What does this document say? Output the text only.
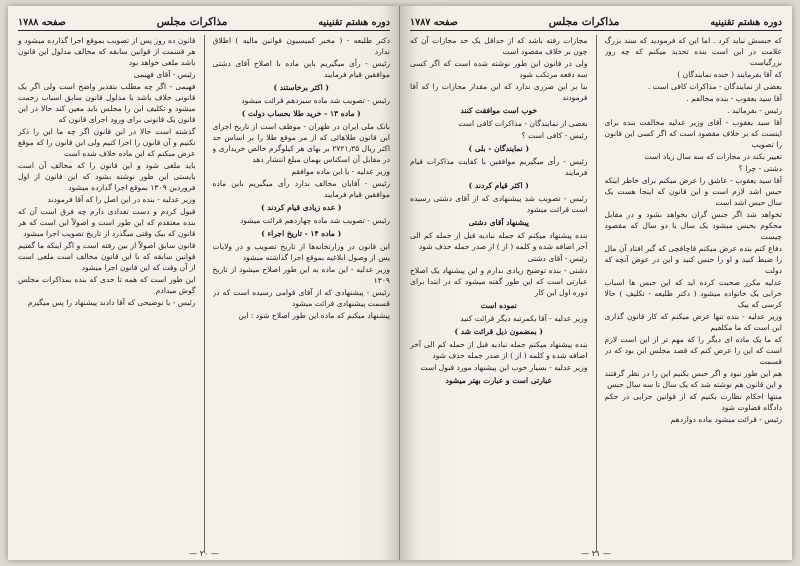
دوره هشتم تقنینیه
مذاکرات مجلس
صفحه ۱۷۸۸

دکتر طلیعه - ( مخبر کمیسیون قوانین مالیه ) اطلاق ندارد

رئیس - رأی میگیریم باین ماده با اصلاح آقای دشتی موافقین قیام فرمایند

( اکثر برخاستند )

رئیس - تصویب شد ماده سیزدهم قرائت میشود

( ماده ۱۳ - خرید طلا بحساب دولت )

بانک ملی ایران در طهران - موظف است از تاریخ اجرای این قانون طلاهائی که از مر موقع طلا را بر اساس حد اکثر ریال ۲۷۲۱٫۳۵ بر بهای هر کیلوگرم خالص خریداری و در مقابل آن اسکناس بهمان مبلغ انتشار دهد

وزیر عدلیه - با این ماده موافقم

رئیس - آقایان مخالف ندارد رأی میگیریم باین ماده موافقین قیام فرمایند

( عده زیادی قیام کردند )

رئیس - تصویب شد ماده چهاردهم قرائت میشود

( ماده ۱۴ - تاریخ اجراء )

این قانون در وزارتخانه‌ها از تاریخ تصویب و در ولایات پس از وصول ابلاغیه بموقع اجرا گذاشته میشود

وزیر عدلیه - این ماده به این طور اصلاح میشود از تاریخ ۱۳۰۹

رئیس - پیشنهادی که از آقای قوامی رسیده است که در قسمت پیشنهادی قرائت میشود

پیشنهاد میکنم که ماده این طور اصلاح شود : این

قانون ده روز پس از تصویب بموقع اجرا گذارده میشود و هر قسمت از قوانین سابقه که مخالف مدلول این قانون باشد ملغی خواهد بود

رئیس - آقای فهیمی

فهیمی - اگر چه مطلب بتقدیر واضح است ولی اگر یک قانونی خلاف باشد با مدلول قانون سابق اسباب زحمت میشود و تکلیف این را مجلس باید معین کند حالا در این قانون یک قانونی برای ورود اجرای قانون که

گذشته است حالا در این قانون اگر چه ما این را ذکر نکنیم و آن قانون را اجرا کنیم ولی این قانون را که موقع عرض میکنم که این ماده خلاف شده است

باید ملغی شود و این قانون را که مخالف آن است بایستی این طور نوشته بشود که این قانون از اول فروردین ۱۳۰۹ بموقع اجرا گذارده میشود

وزیر عدلیه - بنده در این اصل را که آقا فرمودند

قبول کردم و دست تعدادی دارم چه فرق است آن که بنده معتقدم که این طور است و اصولاً این است که هر قانون که بیک وقتی میگذرد از تاریخ تصویب اجرا میشود

قانون سابق اصولاً از بین رفته است و اگر اینکه ما گفتیم قوانین سابقه که با این قانون مخالف است ملغی است از آن وقت که این قانون اجرا میشود

این طور است که همه تا حدی که بنده بمذاکرات مجلس گوش میدادم

رئیس - با توضیحی که آقا دادند پیشنهاد را پس میگیرم

— ۲۰ —
دوره هشتم تقنینیه
مذاکرات مجلس
صفحه ۱۷۸۷

که حبسش نباید کرد . اما این که فرمودید که سند بزرگ علامت در این است بنده تجدید میکنم که چه روز بزرگیاست

که آقا بفرمایند ( خنده نمایندگان )

بعضی از نمایندگان - مذاکرات کافی است .

آقا سید یعقوب - بنده مخالفم .

رئیس - بفرمائید .

آقا سید یعقوب - آقای وزیر عدلیه مخالفت بنده برای اینست که بر خلاف مقصود است که اگر کسی این قانون را تصویب

تغییر بکند در مجازات که سه سال زیاد است

دشتی - چرا ؟

آقا سید یعقوب - عاشق را عرض میکنم برای خاطر اینکه حبس اشد لازم است و این قانون که اینجا هست یک سال حبس اشد است

تخواهد شد اگر جنس گران بخواهد بشود و در مقابل محکوم بحبس میشود یک سال یا دو سال که مقصود چیست

دفاع کنم بنده عرض میکنم قاچاقچی که گیر افتاد آن مال را ضبط کنید و او را حبس کنید و این در عوض آنچه که دولت

عدلیه مکرر صحبت کرده اید که این حبس ها اسباب خرابی یک خانواده میشود ( دکتر طلیعه - تکلیف ) حالا کرسی که بیک

وزیر عدلیه - بنده تنها عرض میکنم که کار قانون گذاری این است که ما مکلفیم

که ما یک ماده ای دیگر را که مهم تر از این است لازم است که این را عرض کنم که قصد مجلس این بود که در قسمت

هم این طور نبود و اگر حبس بکنیم این را در نظر گرفتند و این قانون هم نوشته شد که یک سال تا سه سال حبس

منتها احکام نظارت بکنیم که از قوانین جزایی در حکم دادگاه قضاوت شود

رئیس - قرائت میشود ماده دوازدهم

مجازات رفته باشد که از حداقل یک حد مجازات آن که چون بر خلاف مقصود است

ولی در قانون این طور نوشته شده است که اگر کسی سه دفعه مرتکب شود

بنا بر این ضرری ندارد که این مقدار مجازات را که آقا فرمودند

خوب است موافقت کنند

بعضی از نمایندگان - مذاکرات کافی است

رئیس - کافی است ؟

( نمایندگان - بلی )

رئیس - رأی میگیریم موافقین با کفایت مذاکرات قیام فرمایند

( اکثر قیام کردند )

رئیس - تصویب شد پیشنهادی که از آقای دشتی رسیده است قرائت میشود

پیشنهاد آقای دشتی

بنده پیشنهاد میکنم که جمله نبادیه قبل از جمله کم الی آخر اضافه شده و کلمه ( از ) از صدر جمله حذف شود

رئیس - آقای دشتی

دشتی - بنده توضیح زیادی ندارم و این پیشنهاد یک اصلاح عبارتی است که این طور گفته میشود که در ابتدا برای دوره اول این کار

نموده است

وزیر عدلیه - آقا یکمرتبه دیگر قرائت کنید

( بمضمون ذیل قرائت شد )

بنده پیشنهاد میکنم جمله نبادیه قبل از جمله کم الی آخر اضافه شده و کلمه ( از ) از صدر جمله حذف شود

وزیر عدلیه - بسیار خوب این پیشنهاد مورد قبول است

عبارتی است و عبارت بهتر میشود

— ۲۱ —
